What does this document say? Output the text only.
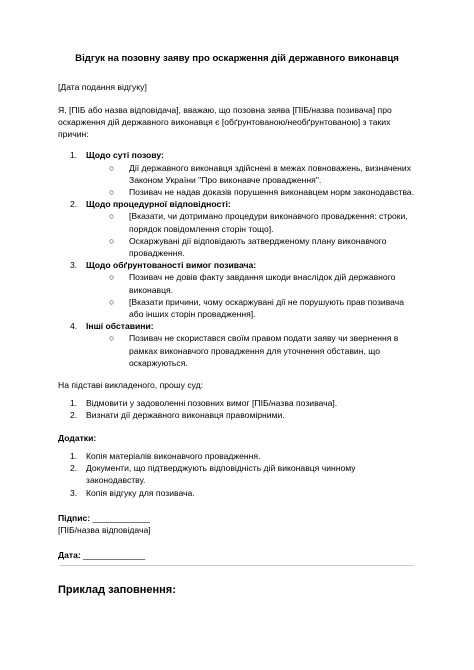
Відгук на позовну заяву про оскарження дій державного виконавця

[Дата подання відгуку]

Я, [ПІБ або назва відповідача], вважаю, що позовна заява [ПІБ/назва позивача] про оскарження дій державного виконавця є [обґрунтованою/необґрунтованою] з таких причин:

1. Щодо суті позову:
○ Дії державного виконавця здійснені в межах повноважень, визначених Законом України "Про виконавче провадження".
○ Позивач не надав доказів порушення виконавцем норм законодавства.
2. Щодо процедурної відповідності:
○ [Вказати, чи дотримано процедури виконавчого провадження: строки, порядок повідомлення сторін тощо].
○ Оскаржувані дії відповідають затвердженому плану виконавчого провадження.
3. Щодо обґрунтованості вимог позивача:
○ Позивач не довів факту завдання шкоди внаслідок дій державного виконавця.
○ [Вказати причини, чому оскаржувані дії не порушують прав позивача або інших сторін провадження].
4. Інші обставини:
○ Позивач не скористався своїм правом подати заяву чи звернення в рамках виконавчого провадження для уточнення обставин, що оскаржуються.

На підставі викладеного, прошу суд:

1. Відмовити у задоволенні позовних вимог [ПІБ/назва позивача].
2. Визнати дії державного виконавця правомірними.

Додатки:

1. Копія матеріалів виконавчого провадження.
2. Документи, що підтверджують відповідність дій виконавця чинному законодавству.
3. Копія відгуку для позивача.

Підпис: ____________

[ПІБ/назва відповідача]

Дата: _____________

Приклад заповнення:
